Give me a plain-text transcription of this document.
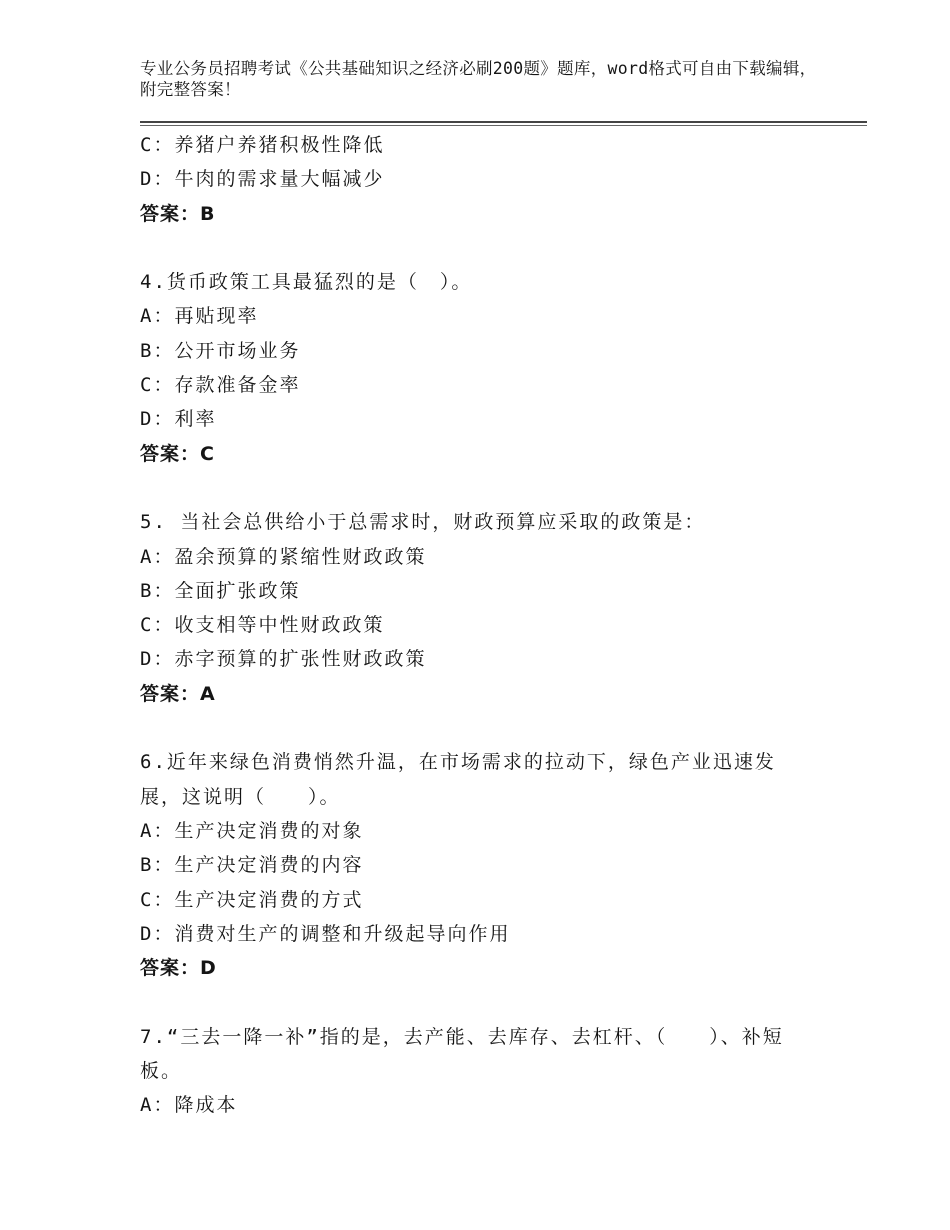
专业公务员招聘考试《公共基础知识之经济必刷200题》题库，word格式可自由下载编辑，附完整答案！
C：养猪户养猪积极性降低
D：牛肉的需求量大幅减少
答案：B
4.货币政策工具最猛烈的是（　）。
A：再贴现率
B：公开市场业务
C：存款准备金率
D：利率
答案：C
5. 当社会总供给小于总需求时，财政预算应采取的政策是：
A：盈余预算的紧缩性财政政策
B：全面扩张政策
C：收支相等中性财政政策
D：赤字预算的扩张性财政政策
答案：A
6.近年来绿色消费悄然升温，在市场需求的拉动下，绿色产业迅速发展，这说明（　　）。
A：生产决定消费的对象
B：生产决定消费的内容
C：生产决定消费的方式
D：消费对生产的调整和升级起导向作用
答案：D
7.“三去一降一补”指的是，去产能、去库存、去杠杆、（　　）、补短板。
A：降成本
